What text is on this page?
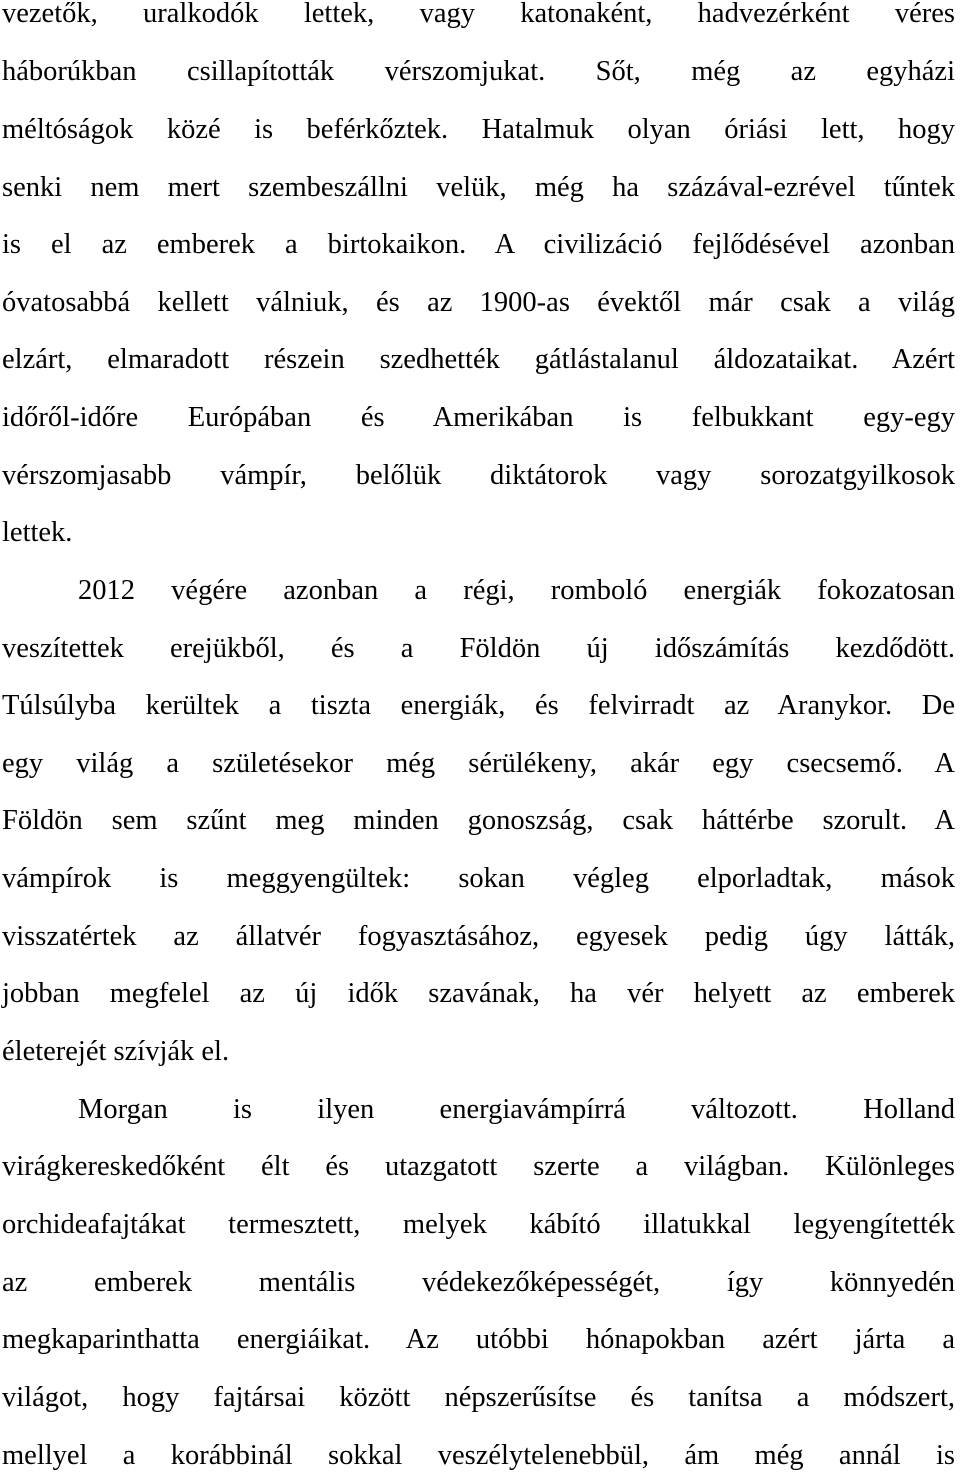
vezetők, uralkodók lettek, vagy katonaként, hadvezérként véres
háborúkban csillapították vérszomjukat. Sőt, még az egyházi
méltóságok közé is beférkőztek. Hatalmuk olyan óriási lett, hogy
senki nem mert szembeszállni velük, még ha százával-ezrével tűntek
is el az emberek a birtokaikon. A civilizáció fejlődésével azonban
óvatosabbá kellett válniuk, és az 1900-as évektől már csak a világ
elzárt, elmaradott részein szedhették gátlástalanul áldozataikat. Azért
időről-időre Európában és Amerikában is felbukkant egy-egy
vérszomjasabb vámpír, belőlük diktátorok vagy sorozatgyilkosok
lettek.
2012 végére azonban a régi, romboló energiák fokozatosan
veszítettek erejükből, és a Földön új időszámítás kezdődött.
Túlsúlyba kerültek a tiszta energiák, és felvirradt az Aranykor. De
egy világ a születésekor még sérülékeny, akár egy csecsemő. A
Földön sem szűnt meg minden gonoszság, csak háttérbe szorult. A
vámpírok is meggyengültek: sokan végleg elporladtak, mások
visszatértek az állatvér fogyasztásához, egyesek pedig úgy látták,
jobban megfelel az új idők szavának, ha vér helyett az emberek
életerejét szívják el.
Morgan is ilyen energiavámpírrá változott. Holland
virágkereskedőként élt és utazgatott szerte a világban. Különleges
orchideafajtákat termesztett, melyek kábító illatukkal legyengítették
az emberek mentális védekezőképességét, így könnyedén
megkaparinthatta energiáikat. Az utóbbi hónapokban azért járta a
világot, hogy fajtársai között népszerűsítse és tanítsa a módszert,
mellyel a korábbinál sokkal veszélytelenebbül, ám még annál is
